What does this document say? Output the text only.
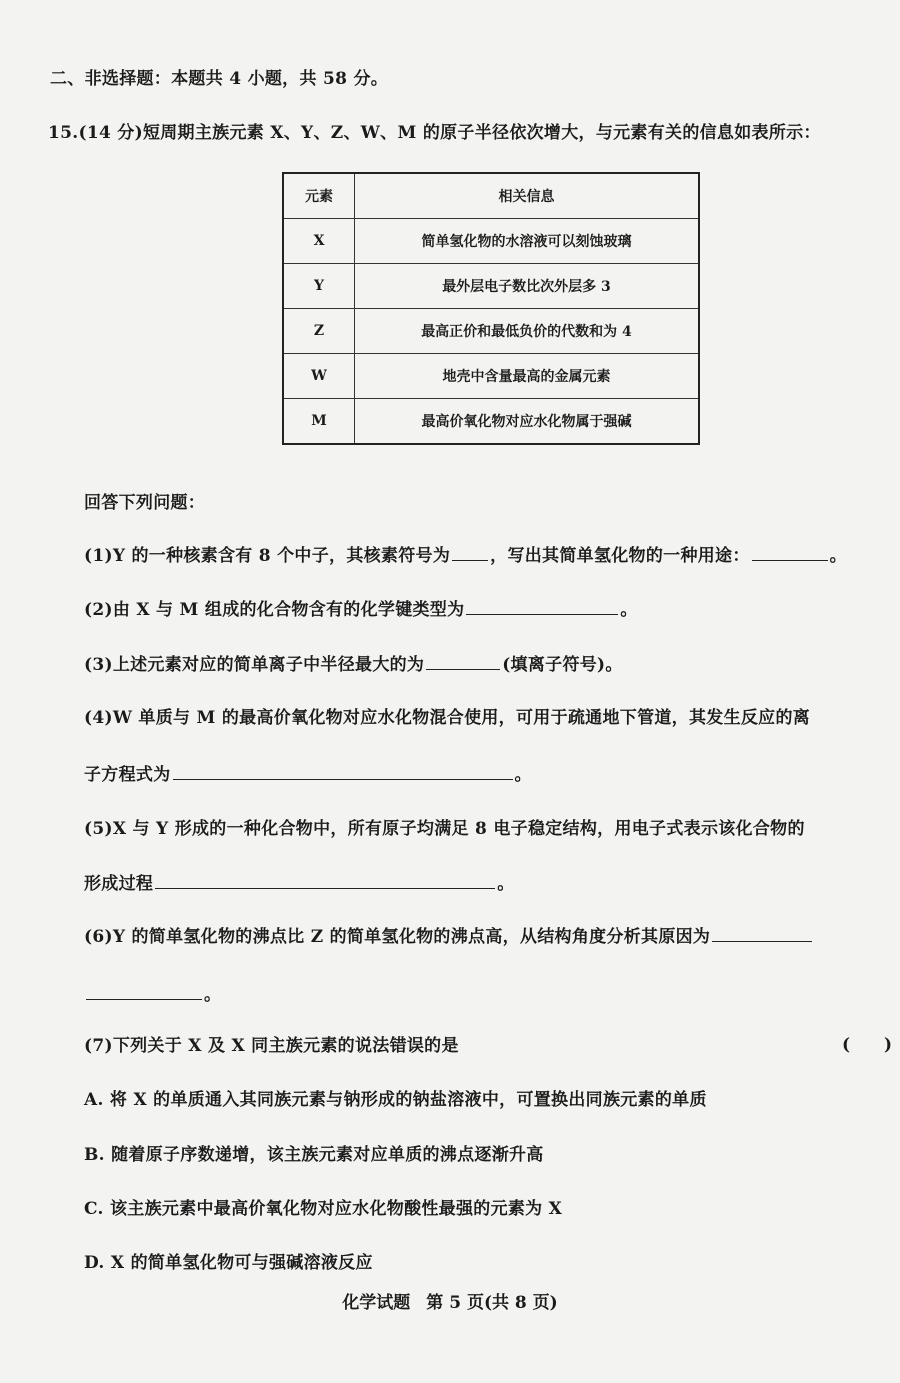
二、非选择题：本题共 4 小题，共 58 分。
15.(14 分)短周期主族元素 X、Y、Z、W、M 的原子半径依次增大，与元素有关的信息如表所示：
元素	相关信息
X	简单氢化物的水溶液可以刻蚀玻璃
Y	最外层电子数比次外层多 3
Z	最高正价和最低负价的代数和为 4
W	地壳中含量最高的金属元素
M	最高价氧化物对应水化物属于强碱
回答下列问题：
(1)Y 的一种核素含有 8 个中子，其核素符号为 ，写出其简单氢化物的一种用途：	。
(2)由 X 与 M 组成的化合物含有的化学键类型为	。
(3)上述元素对应的简单离子中半径最大的为	(填离子符号)。
(4)W 单质与 M 的最高价氧化物对应水化物混合使用，可用于疏通地下管道，其发生反应的离
子方程式为	。
(5)X 与 Y 形成的一种化合物中，所有原子均满足 8 电子稳定结构，用电子式表示该化合物的
形成过程	。
(6)Y 的简单氢化物的沸点比 Z 的简单氢化物的沸点高，从结构角度分析其原因为
。
(7)下列关于 X 及 X 同主族元素的说法错误的是	(　　)
A. 将 X 的单质通入其同族元素与钠形成的钠盐溶液中，可置换出同族元素的单质
B. 随着原子序数递增，该主族元素对应单质的沸点逐渐升高
C. 该主族元素中最高价氧化物对应水化物酸性最强的元素为 X
D. X 的简单氢化物可与强碱溶液反应
化学试题 第 5 页(共 8 页)
